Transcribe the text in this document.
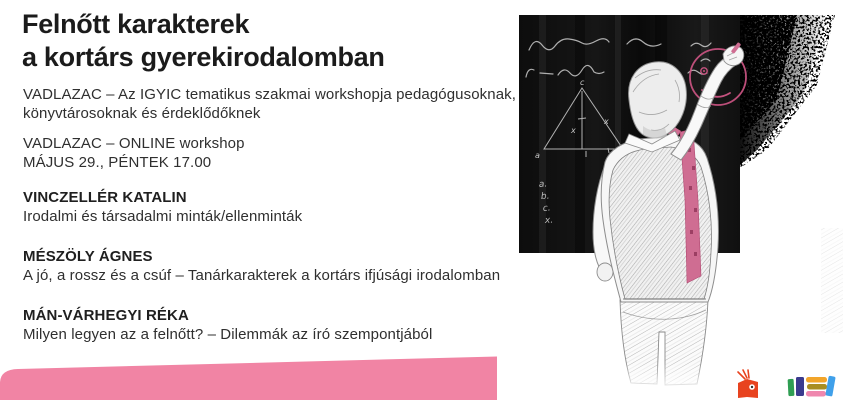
Felnőtt karakterek
a kortárs gyerekirodalomban
VADLAZAC – Az IGYIC tematikus szakmai workshopja pedagógusoknak,
könyvtárosoknak és érdeklődőknek
VADLAZAC – ONLINE workshop
MÁJUS 29., PÉNTEK 17.00
VINCZELLÉR KATALIN
Irodalmi és társadalmi minták/ellenminták
MÉSZÖLY ÁGNES
A jó, a rossz és a csúf – Tanárkarakterek a kortárs ifjúsági irodalomban
MÁN-VÁRHEGYI RÉKA
Milyen legyen az a felnőtt? – Dilemmák az író szempontjából
c
a
x
x
a.
b.
c.
x.
